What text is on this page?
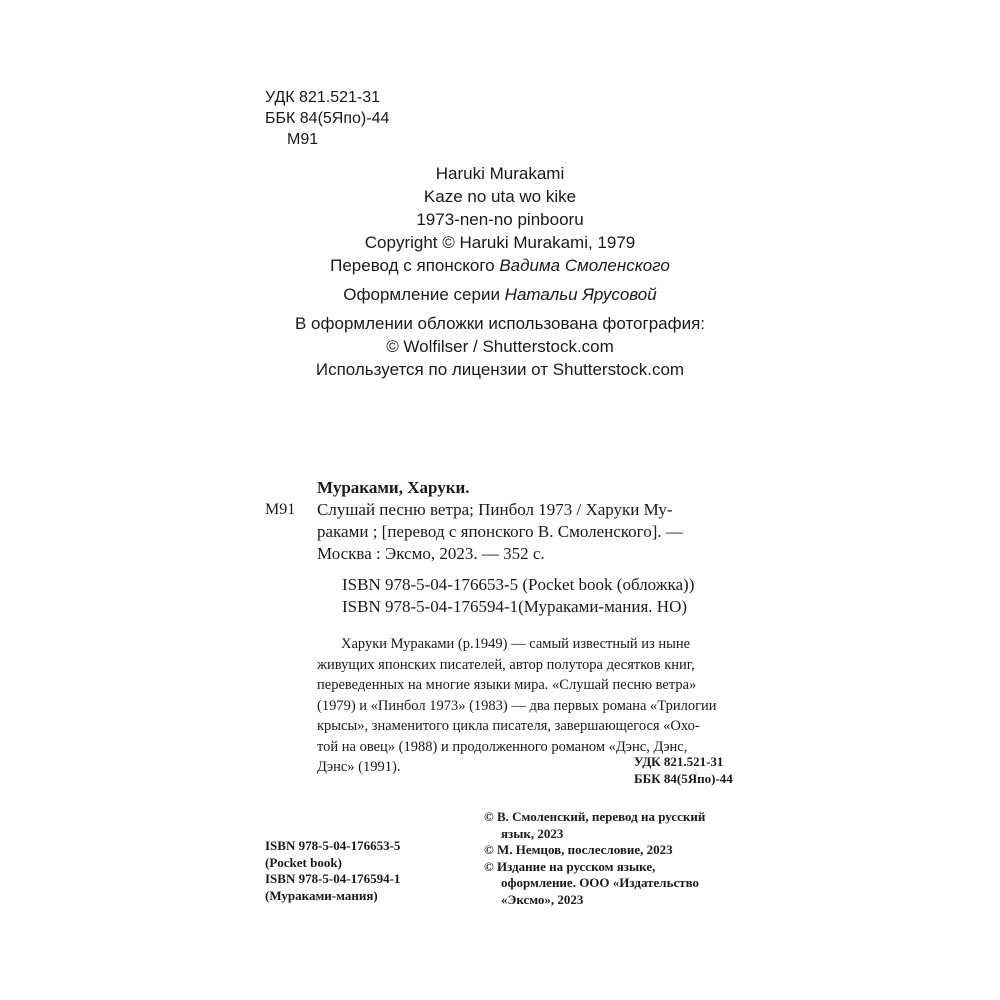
УДК 821.521-31
ББК 84(5Япо)-44
М91
Haruki Murakami
Kaze no uta wo kike
1973-nen-no pinbooru
Copyright © Haruki Murakami, 1979
Перевод с японского Вадима Смоленского
Оформление серии Натальи Ярусовой
В оформлении обложки использована фотография:
© Wolfilser / Shutterstock.com
Используется по лицензии от Shutterstock.com
Мураками, Харуки.
М91 Слушай песню ветра; Пинбол 1973 / Харуки Му-
раками ; [перевод с японского В. Смоленского]. —
Москва : Эксмо, 2023. — 352 с.
ISBN 978-5-04-176653-5 (Pocket book (обложка))
ISBN 978-5-04-176594-1(Мураками-мания. НО)
Харуки Мураками (р.1949) — самый известный из ныне
живущих японских писателей, автор полутора десятков книг,
переведенных на многие языки мира. «Слушай песню ветра»
(1979) и «Пинбол 1973» (1983) — два первых романа «Трилогии
крысы», знаменитого цикла писателя, завершающегося «Охо-
той на овец» (1988) и продолженного романом «Дэнс, Дэнс,
Дэнс» (1991).	УДК 821.521-31
ББК 84(5Япо)-44
© В. Смоленский, перевод на русский
язык, 2023
© М. Немцов, послесловие, 2023
© Издание на русском языке,
оформление. ООО «Издательство
«Эксмо», 2023
ISBN 978-5-04-176653-5
(Pocket book)
ISBN 978-5-04-176594-1
(Мураками-мания)
